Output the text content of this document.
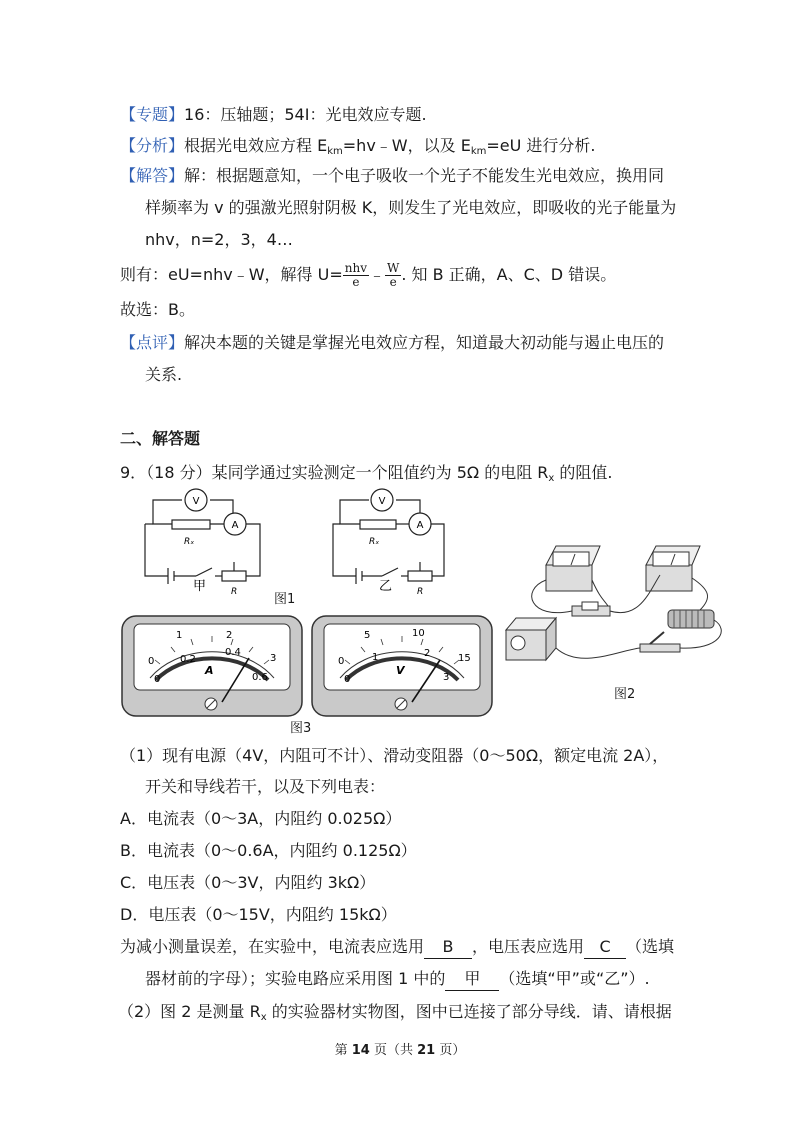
【专题】16：压轴题；54I：光电效应专题.
【分析】根据光电效应方程 $E_{km}=hv﹣W$，以及 $E_{km}=eU$ 进行分析.
【解答】解：根据题意知，一个电子吸收一个光子不能发生光电效应，换用同
样频率为 v 的强激光照射阴极 K，则发生了光电效应，即吸收的光子能量为
nhv，n=2，3，4…
则有：eU=nhv﹣W，解得 $U= \frac{\text{nhv}}{e}$ ﹣ $\frac{W}{e}$ . 知 B 正确，A、C、D 错误。
故选：B。
【点评】解决本题的关键是掌握光电效应方程，知道最大初动能与遏止电压的
关系.
二、解答题
9．（18 分）某同学通过实验测定一个阻值约为 5Ω 的电阻 $R_x$ 的阻值.
V
A
Rₓ
R
甲
V
A
Rₓ
R
乙
0
1	2
3
0
0.2
0.4
0.6
A
0
5	10
15
0
1	2
3
V
图1
图2
图3
（1）现有电源（4V，内阻可不计）、滑动变阻器（0～50Ω，额定电流 2A），
开关和导线若干，以及下列电表：
A．电流表（0～3A，内阻约 0.025Ω）
B．电流表（0～0.6A，内阻约 0.125Ω）
C．电压表（0～3V，内阻约 3kΩ）
D．电压表（0～15V，内阻约 15kΩ）
为减小测量误差，在实验中，电流表应选用 B ，电压表应选用 C （选填
器材前的字母）；实验电路应采用图 1 中的 甲 （选填“甲”或“乙”）.
（2）图 2 是测量 $R_x$ 的实验器材实物图，图中已连接了部分导线．请、请根据
第 14 页（共 21 页）
